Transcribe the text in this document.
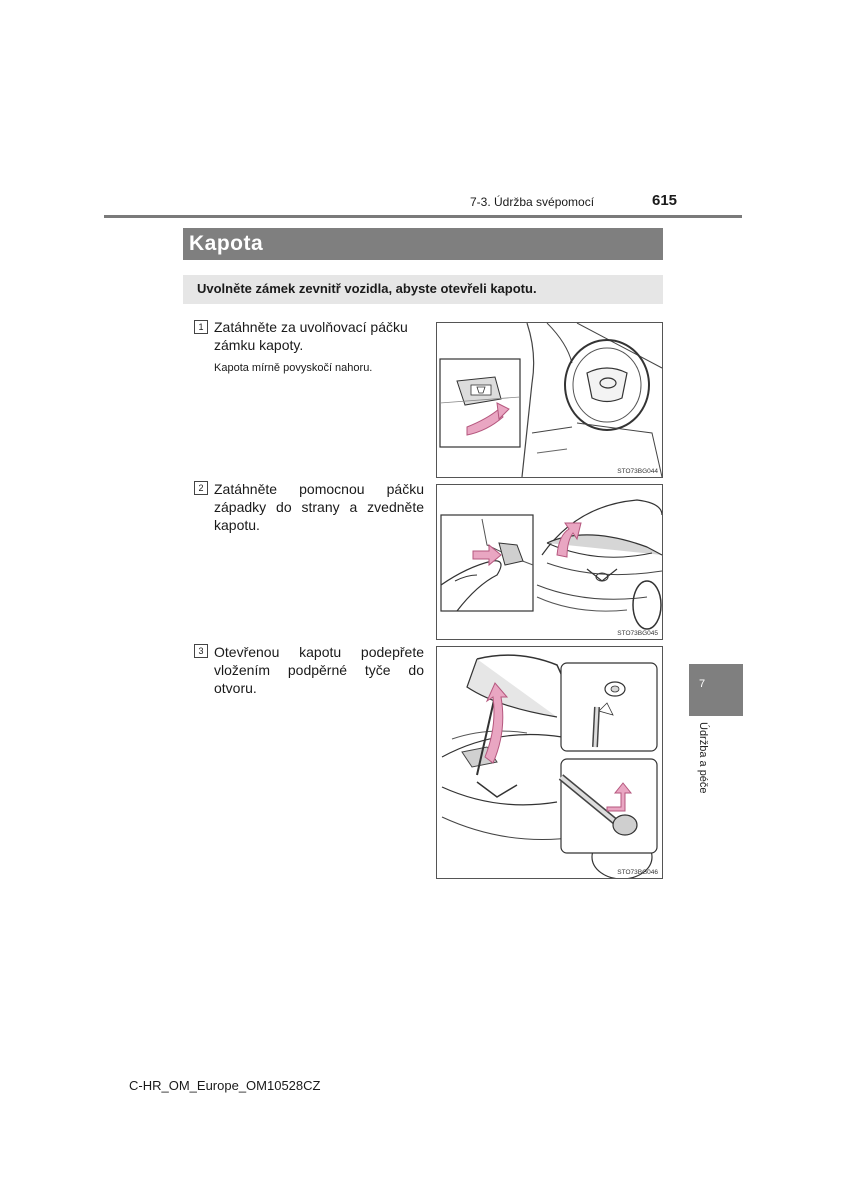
7-3. Údržba svépomocí	615
Kapota
Uvolněte zámek zevnitř vozidla, abyste otevřeli kapotu.
1 Zatáhněte za uvolňovací páčku zámku kapoty.
Kapota mírně povyskočí nahoru.
STO73BG044
2 Zatáhněte pomocnou páčku západky do strany a zvedněte kapotu.
STO73BG045
3 Otevřenou kapotu podepřete vložením podpěrné tyče do otvoru.
STO73BG046
7
Údržba a péče
C-HR_OM_Europe_OM10528CZ
